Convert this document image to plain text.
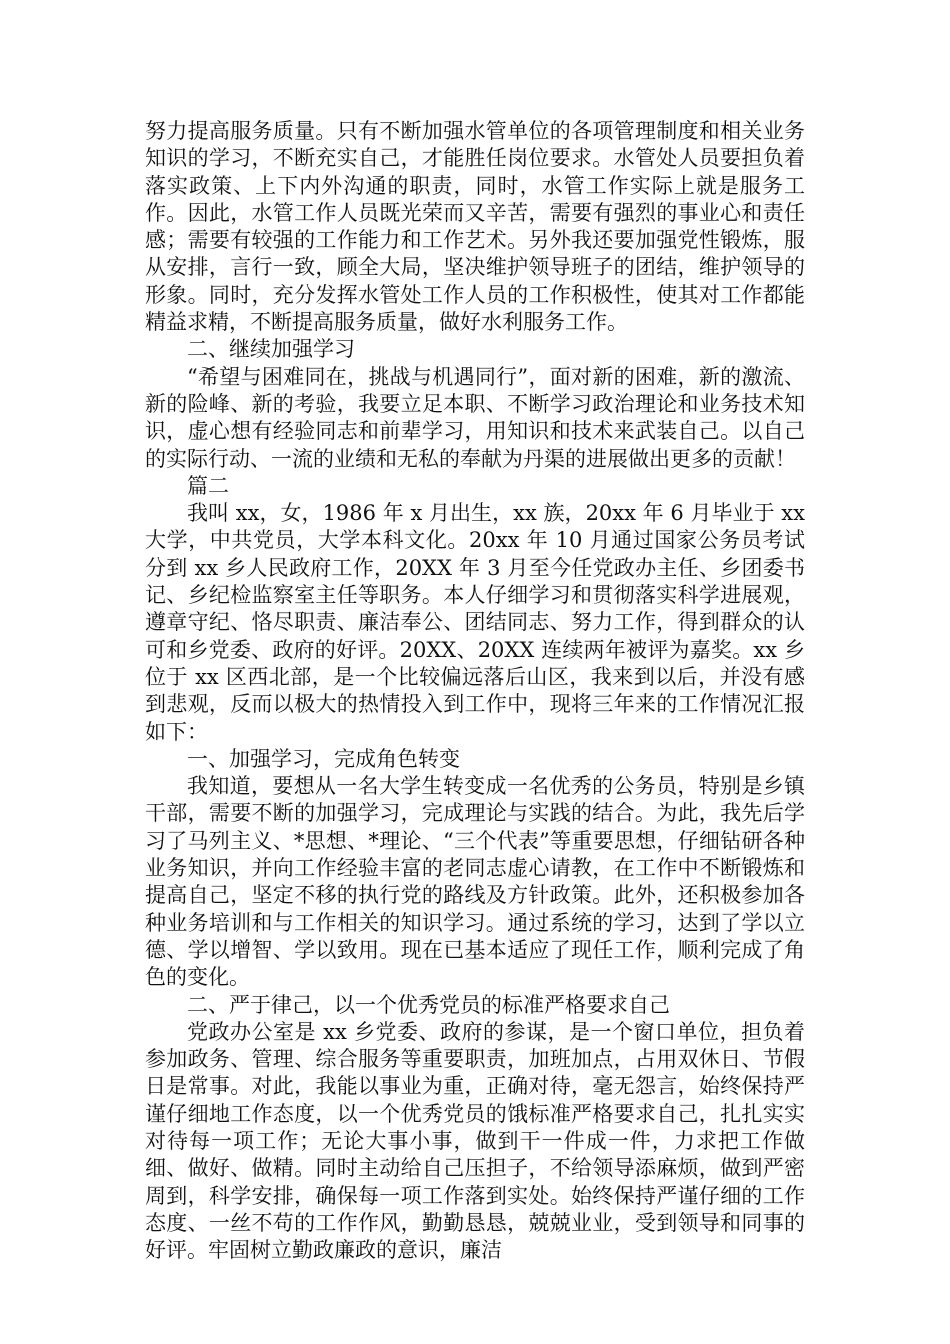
努力提高服务质量。只有不断加强水管单位的各项管理制度和相关业务知识的学习，不断充实自己，才能胜任岗位要求。水管处人员要担负着落实政策、上下内外沟通的职责，同时，水管工作实际上就是服务工作。因此，水管工作人员既光荣而又辛苦，需要有强烈的事业心和责任感；需要有较强的工作能力和工作艺术。另外我还要加强党性锻炼，服从安排，言行一致，顾全大局，坚决维护领导班子的团结，维护领导的形象。同时，充分发挥水管处工作人员的工作积极性，使其对工作都能精益求精，不断提高服务质量，做好水利服务工作。

二、继续加强学习

“希望与困难同在，挑战与机遇同行”，面对新的困难，新的激流、新的险峰、新的考验，我要立足本职、不断学习政治理论和业务技术知识，虚心想有经验同志和前辈学习，用知识和技术来武装自己。以自己的实际行动、一流的业绩和无私的奉献为丹渠的进展做出更多的贡献！

篇二

我叫 xx，女，1986 年 x 月出生，xx 族，20xx 年 6 月毕业于 xx 大学，中共党员，大学本科文化。20xx 年 10 月通过国家公务员考试分到 xx 乡人民政府工作，20XX 年 3 月至今任党政办主任、乡团委书记、乡纪检监察室主任等职务。本人仔细学习和贯彻落实科学进展观，遵章守纪、恪尽职责、廉洁奉公、团结同志、努力工作，得到群众的认可和乡党委、政府的好评。20XX、20XX 连续两年被评为嘉奖。xx 乡位于 xx 区西北部，是一个比较偏远落后山区，我来到以后，并没有感到悲观，反而以极大的热情投入到工作中，现将三年来的工作情况汇报如下：

一、加强学习，完成角色转变

我知道，要想从一名大学生转变成一名优秀的公务员，特别是乡镇干部，需要不断的加强学习，完成理论与实践的结合。为此，我先后学习了马列主义、*思想、*理论、“三个代表”等重要思想，仔细钻研各种业务知识，并向工作经验丰富的老同志虚心请教，在工作中不断锻炼和提高自己，坚定不移的执行党的路线及方针政策。此外，还积极参加各种业务培训和与工作相关的知识学习。通过系统的学习，达到了学以立德、学以增智、学以致用。现在已基本适应了现任工作，顺利完成了角色的变化。

二、严于律己，以一个优秀党员的标准严格要求自己

党政办公室是 xx 乡党委、政府的参谋，是一个窗口单位，担负着参加政务、管理、综合服务等重要职责，加班加点，占用双休日、节假日是常事。对此，我能以事业为重，正确对待，毫无怨言，始终保持严谨仔细地工作态度，以一个优秀党员的饿标准严格要求自己，扎扎实实对待每一项工作；无论大事小事，做到干一件成一件，力求把工作做细、做好、做精。同时主动给自己压担子，不给领导添麻烦，做到严密周到，科学安排，确保每一项工作落到实处。始终保持严谨仔细的工作态度、一丝不苟的工作作风，勤勤恳恳，兢兢业业，受到领导和同事的好评。牢固树立勤政廉政的意识，廉洁
